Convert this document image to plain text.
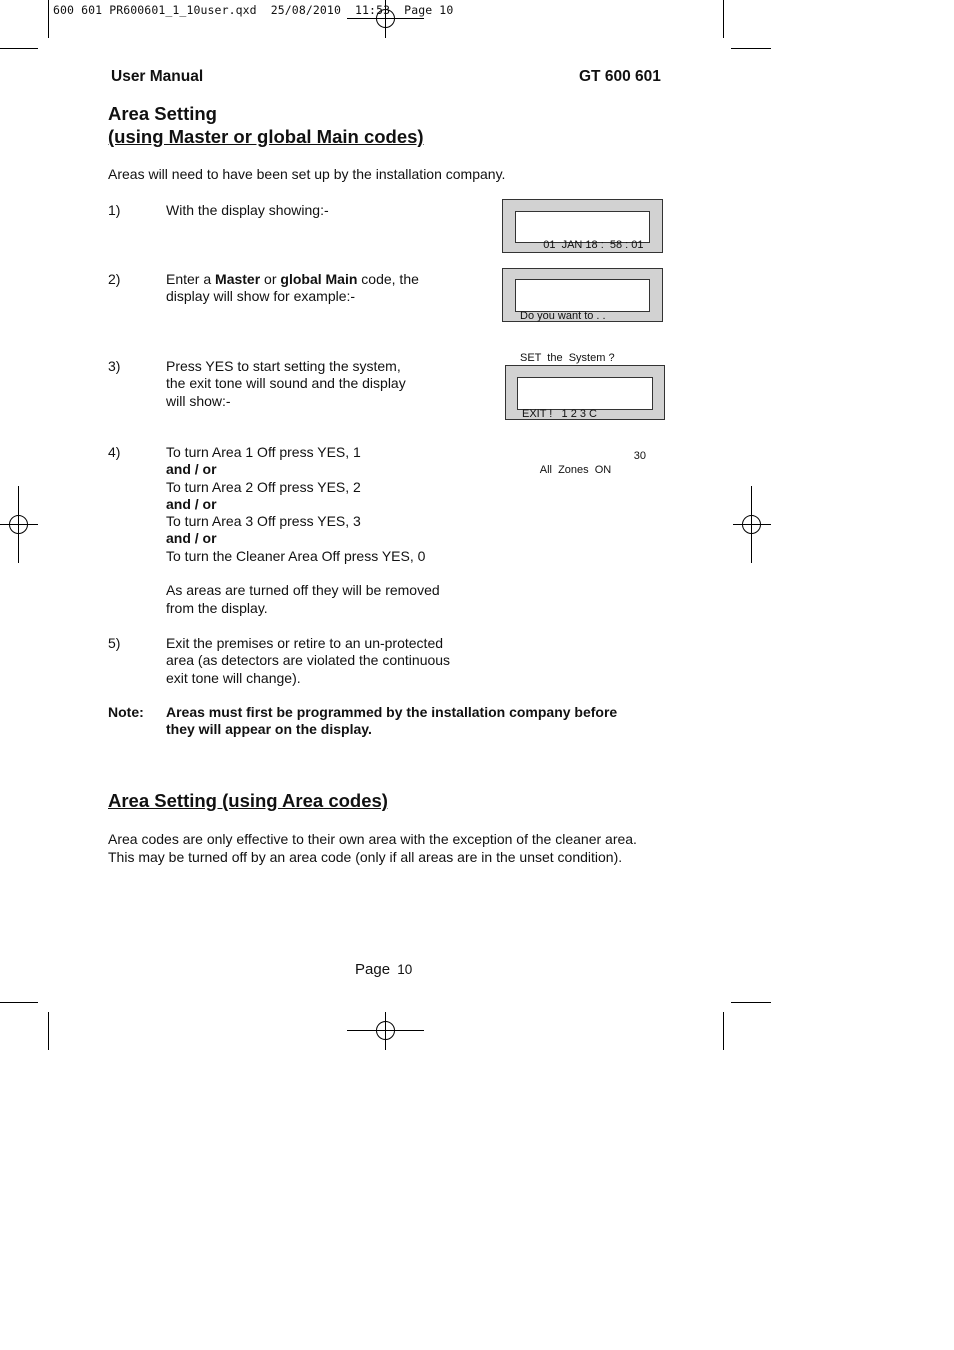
600 601 PR600601_1_10user.qxd  25/08/2010  11:53  Page 10
User Manual	GT 600 601
Area Setting
(using Master or global Main codes)
Areas will need to have been set up by the installation company.
1)	With the display showing:-
2)	Enter a Master or global Main code, the
display will show for example:-
3)	Press YES to start setting the system,
the exit tone will sound and the display
will show:-
4)	To turn Area 1 Off press YES, 1
and / or
To turn Area 2 Off press YES, 2
and / or
To turn Area 3 Off press YES, 3
and / or
To turn the Cleaner Area Off press YES, 0
As areas are turned off they will be removed
from the display.
5)	Exit the premises or retire to an un-protected
area (as detectors are violated the continuous
exit tone will change).
Note: Areas must first be programmed by the installation company before
they will appear on the display.

01  JAN 18 :  58 : 01

Do you want to . .

SET  the  System ?

EXIT !   1 2 3 C

All  Zones  ON

30

Area Setting (using Area codes)
Area codes are only effective to their own area with the exception of the cleaner area.
This may be turned off by an area code (only if all areas are in the unset condition).
Page 10
